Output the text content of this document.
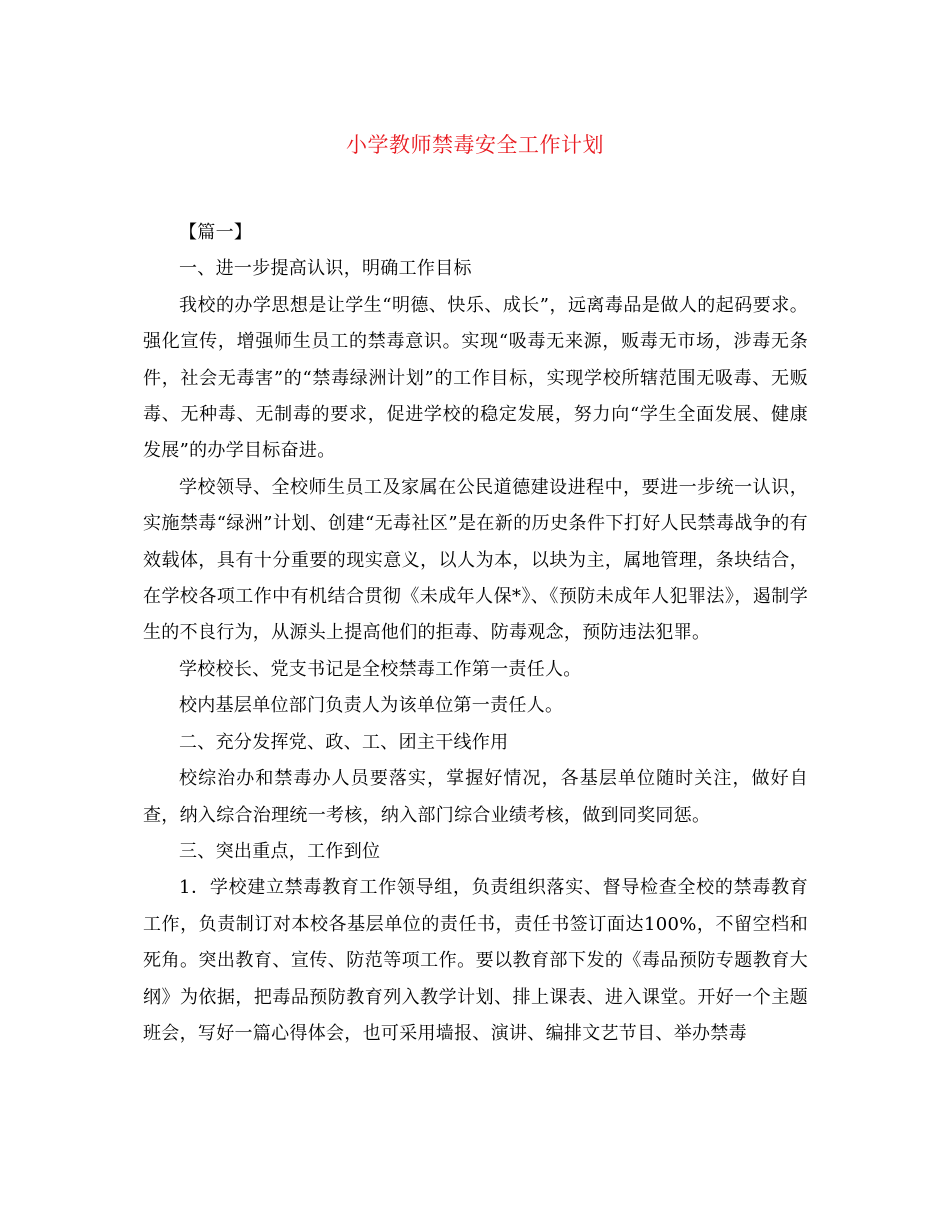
小学教师禁毒安全工作计划

【篇一】

一、进一步提高认识，明确工作目标

我校的办学思想是让学生“明德、快乐、成长”，远离毒品是做人的起码要求。强化宣传，增强师生员工的禁毒意识。实现“吸毒无来源，贩毒无市场，涉毒无条件，社会无毒害”的“禁毒绿洲计划”的工作目标，实现学校所辖范围无吸毒、无贩毒、无种毒、无制毒的要求，促进学校的稳定发展，努力向“学生全面发展、健康发展”的办学目标奋进。

学校领导、全校师生员工及家属在公民道德建设进程中，要进一步统一认识，实施禁毒“绿洲”计划、创建“无毒社区”是在新的历史条件下打好人民禁毒战争的有效载体，具有十分重要的现实意义，以人为本，以块为主，属地管理，条块结合，在学校各项工作中有机结合贯彻《未成年人保*》、《预防未成年人犯罪法》，遏制学生的不良行为，从源头上提高他们的拒毒、防毒观念，预防违法犯罪。

学校校长、党支书记是全校禁毒工作第一责任人。

校内基层单位部门负责人为该单位第一责任人。

二、充分发挥党、政、工、团主干线作用

校综治办和禁毒办人员要落实，掌握好情况，各基层单位随时关注，做好自查，纳入综合治理统一考核，纳入部门综合业绩考核，做到同奖同惩。

三、突出重点，工作到位

1．学校建立禁毒教育工作领导组，负责组织落实、督导检查全校的禁毒教育工作，负责制订对本校各基层单位的责任书，责任书签订面达100%，不留空档和死角。突出教育、宣传、防范等项工作。要以教育部下发的《毒品预防专题教育大纲》为依据，把毒品预防教育列入教学计划、排上课表、进入课堂。开好一个主题班会，写好一篇心得体会，也可采用墙报、演讲、编排文艺节目、举办禁毒
